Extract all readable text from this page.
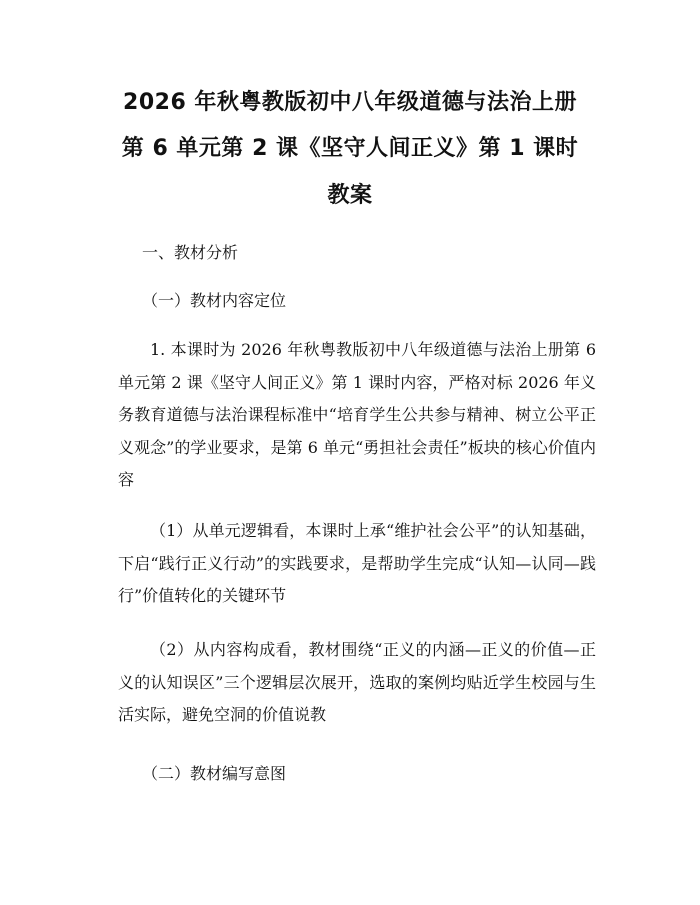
2026 年秋粤教版初中八年级道德与法治上册
第 6 单元第 2 课《坚守人间正义》第 1 课时
教案
一、教材分析
（一）教材内容定位
1. 本课时为 2026 年秋粤教版初中八年级道德与法治上册第 6 单元第 2 课《坚守人间正义》第 1 课时内容，严格对标 2026 年义务教育道德与法治课程标准中“培育学生公共参与精神、树立公平正义观念”的学业要求，是第 6 单元“勇担社会责任”板块的核心价值内容
（1）从单元逻辑看，本课时上承“维护社会公平”的认知基础，下启“践行正义行动”的实践要求，是帮助学生完成“认知—认同—践行”价值转化的关键环节
（2）从内容构成看，教材围绕“正义的内涵—正义的价值—正义的认知误区”三个逻辑层次展开，选取的案例均贴近学生校园与生活实际，避免空洞的价值说教
（二）教材编写意图
